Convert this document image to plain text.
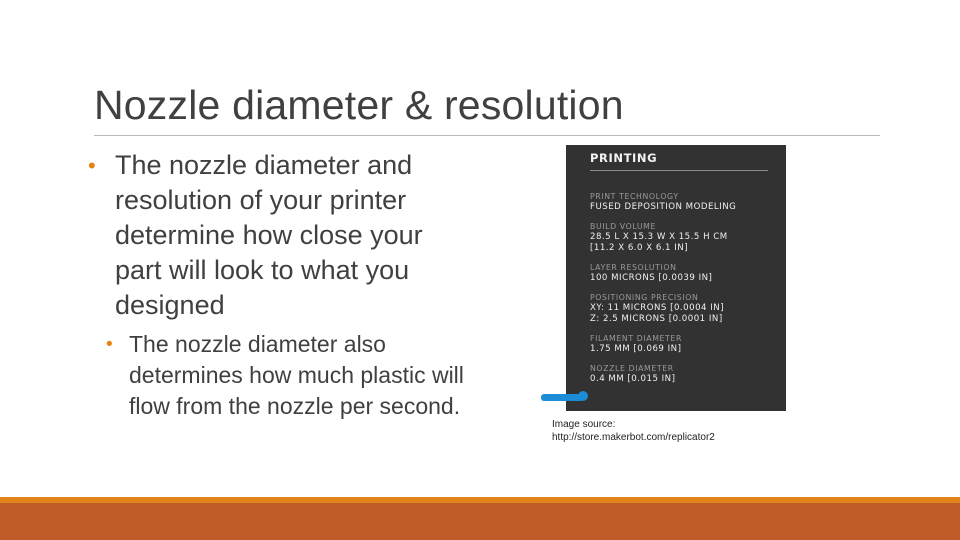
Nozzle diameter & resolution
• The nozzle diameter and resolution of your printer determine how close your part will look to what you designed
• The nozzle diameter also determines how much plastic will flow from the nozzle per second.
PRINTING
PRINT TECHNOLOGY
FUSED DEPOSITION MODELING
BUILD VOLUME
28.5 L X 15.3 W X 15.5 H CM
[11.2 X 6.0 X 6.1 IN]
LAYER RESOLUTION
100 MICRONS [0.0039 IN]
POSITIONING PRECISION
XY: 11 MICRONS [0.0004 IN]
Z: 2.5 MICRONS [0.0001 IN]
FILAMENT DIAMETER
1.75 MM [0.069 IN]
NOZZLE DIAMETER
0.4 MM [0.015 IN]
Image source:
http://store.makerbot.com/replicator2
